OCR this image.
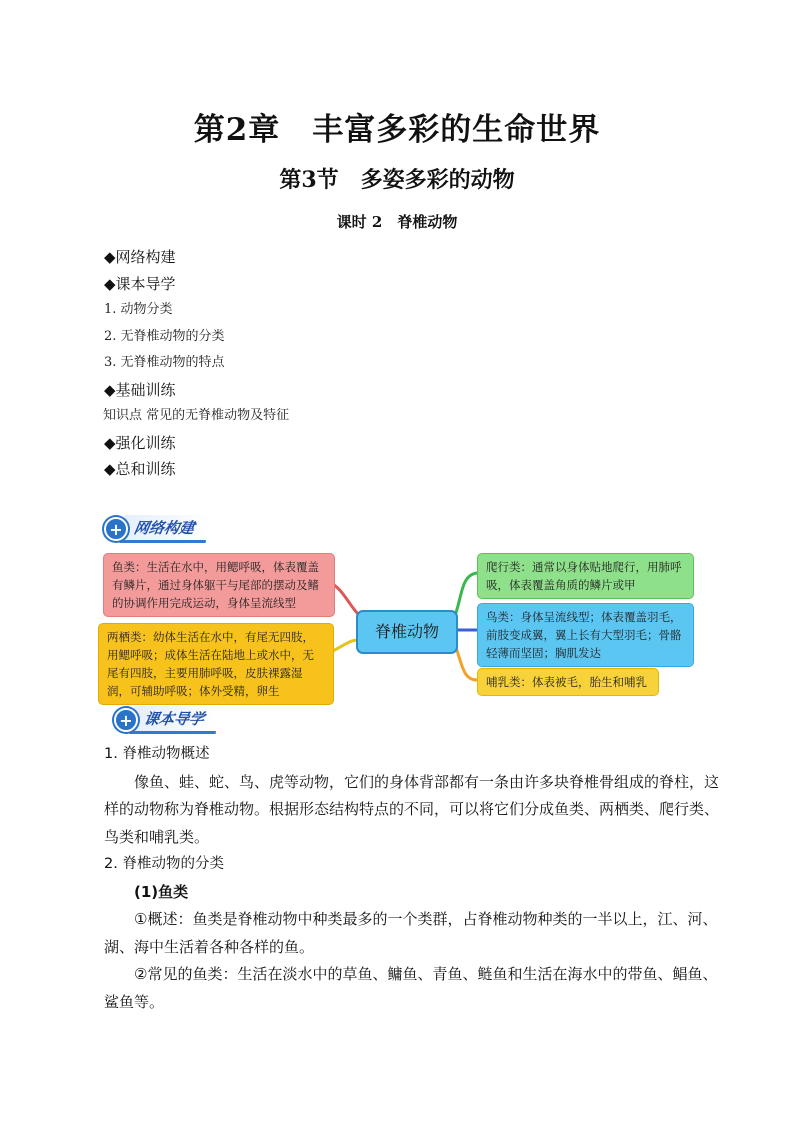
第2章　丰富多彩的生命世界
第3节　多姿多彩的动物
课时 2　脊椎动物
◆网络构建
◆课本导学
1. 动物分类
2. 无脊椎动物的分类
3. 无脊椎动物的特点
◆基础训练
知识点 常见的无脊椎动物及特征
◆强化训练
◆总和训练
+ 网络构建
鱼类：生活在水中，用鳃呼吸，体表覆盖有鳞片，通过身体躯干与尾部的摆动及鳍的协调作用完成运动，身体呈流线型
两栖类：幼体生活在水中，有尾无四肢，用鳃呼吸；成体生活在陆地上或水中，无尾有四肢，主要用肺呼吸，皮肤裸露湿润，可辅助呼吸；体外受精，卵生
脊椎动物
爬行类：通常以身体贴地爬行，用肺呼吸，体表覆盖角质的鳞片或甲
鸟类：身体呈流线型；体表覆盖羽毛，前肢变成翼，翼上长有大型羽毛；骨骼轻薄而坚固；胸肌发达
哺乳类：体表被毛，胎生和哺乳
+ 课本导学

1. 脊椎动物概述

像鱼、蛙、蛇、鸟、虎等动物，它们的身体背部都有一条由许多块脊椎骨组成的脊柱，这样的动物称为脊椎动物。根据形态结构特点的不同，可以将它们分成鱼类、两栖类、爬行类、鸟类和哺乳类。

2. 脊椎动物的分类

(1)鱼类

①概述：鱼类是脊椎动物中种类最多的一个类群，占脊椎动物种类的一半以上，江、河、湖、海中生活着各种各样的鱼。

②常见的鱼类：生活在淡水中的草鱼、鳙鱼、青鱼、鲢鱼和生活在海水中的带鱼、鲳鱼、鲨鱼等。
